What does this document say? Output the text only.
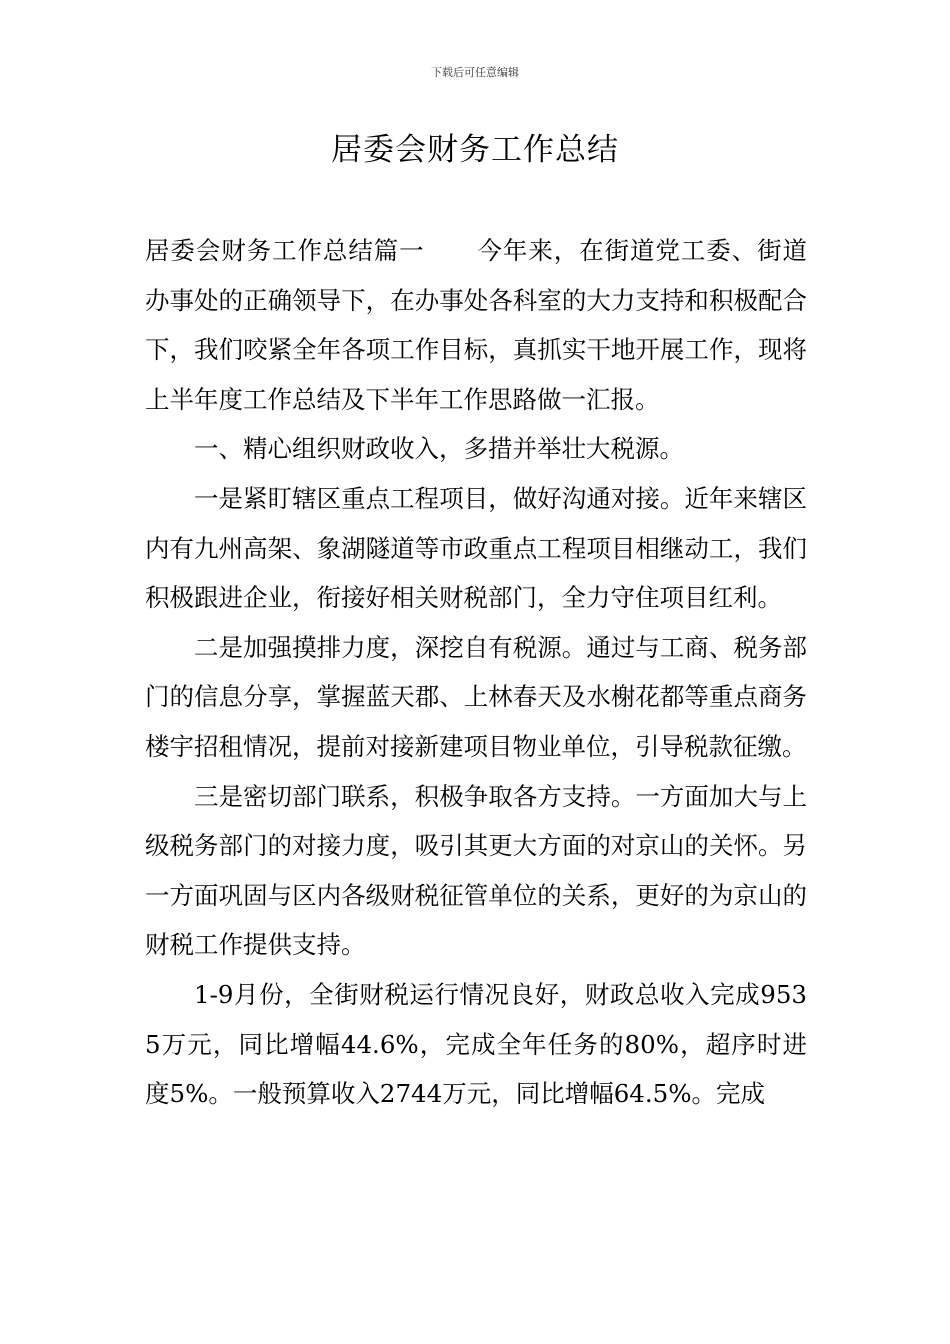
下载后可任意编辑
居委会财务工作总结

居委会财务工作总结篇一 今年来，在街道党工委、街道办事处的正确领导下，在办事处各科室的大力支持和积极配合下，我们咬紧全年各项工作目标，真抓实干地开展工作，现将上半年度工作总结及下半年工作思路做一汇报。

一、精心组织财政收入，多措并举壮大税源。

一是紧盯辖区重点工程项目，做好沟通对接。近年来辖区内有九州高架、象湖隧道等市政重点工程项目相继动工，我们积极跟进企业，衔接好相关财税部门，全力守住项目红利。

二是加强摸排力度，深挖自有税源。通过与工商、税务部门的信息分享，掌握蓝天郡、上林春天及水榭花都等重点商务楼宇招租情况，提前对接新建项目物业单位，引导税款征缴。

三是密切部门联系，积极争取各方支持。一方面加大与上级税务部门的对接力度，吸引其更大方面的对京山的关怀。另一方面巩固与区内各级财税征管单位的关系，更好的为京山的财税工作提供支持。

1-9月份，全街财税运行情况良好，财政总收入完成9535万元，同比增幅44.6%，完成全年任务的80%，超序时进度5%。一般预算收入2744万元，同比增幅64.5%。完成
